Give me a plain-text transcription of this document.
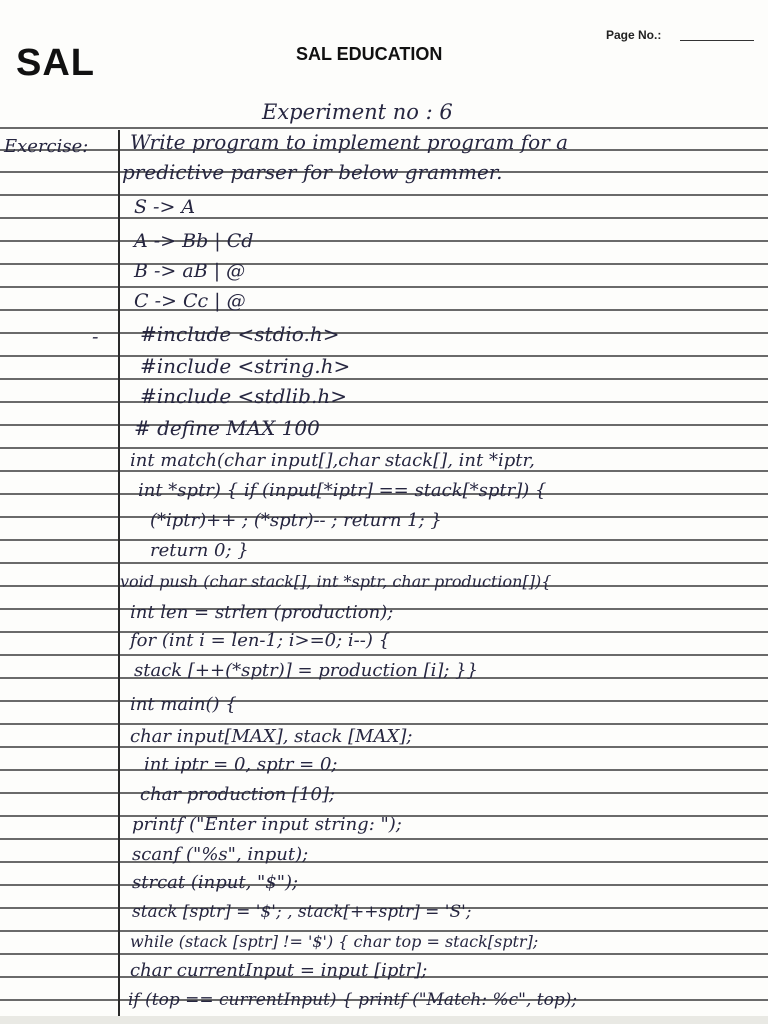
Page No.:
SAL	SAL EDUCATION
Experiment no : 6
Exercise:
-
Write program to implement program for a
predictive parser for below grammer.
S -> A
A -> Bb | Cd
B -> aB | @
C -> Cc | @
#include <stdio.h>
#include <string.h>
#include <stdlib.h>
# define MAX 100
int match(char input[],char stack[], int *iptr,
int *sptr) { if (input[*iptr] == stack[*sptr]) {
(*iptr)++ ; (*sptr)-- ; return 1; }
return 0; }
void push (char stack[], int *sptr, char production[]){
int len = strlen (production);
for (int i = len-1; i>=0; i--) {
stack [++(*sptr)] = production [i]; }}
int main() {
char input[MAX], stack [MAX];
int iptr = 0, sptr = 0;
char production [10];
printf ("Enter input string: ");
scanf ("%s", input);
strcat (input, "$");
stack [sptr] = '$'; , stack[++sptr] = 'S';
while (stack [sptr] != '$') { char top = stack[sptr];
char currentInput = input [iptr];
if (top == currentInput) { printf ("Match: %c", top);
